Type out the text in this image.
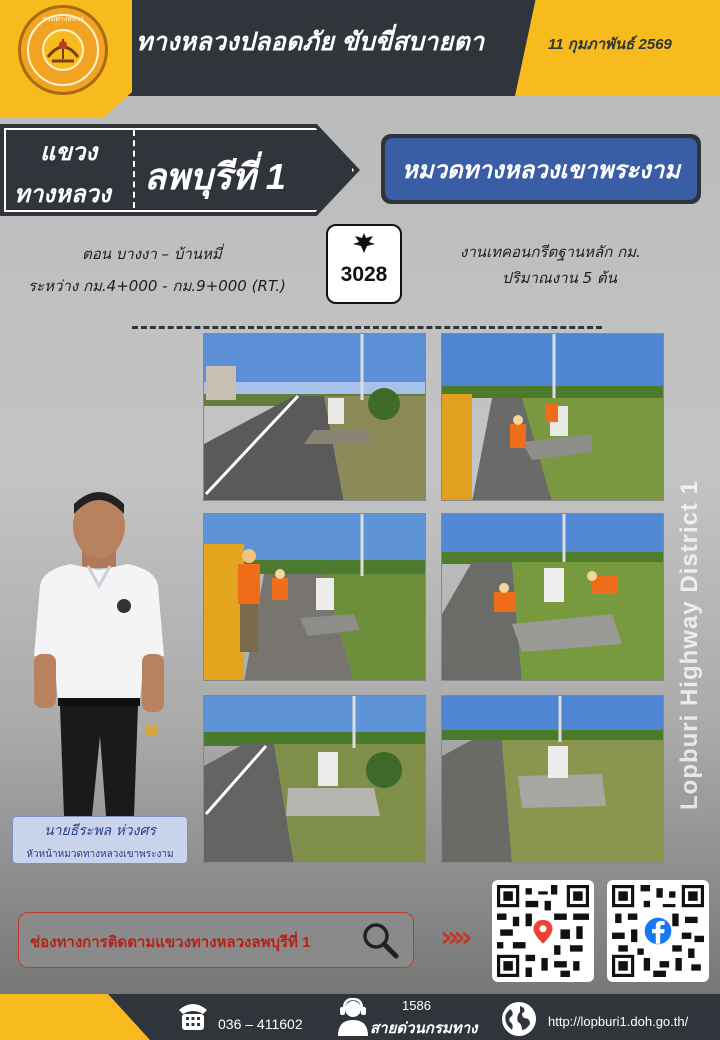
กรมทางหลวง
ทางหลวงปลอดภัย ขับขี่สบายตา	11 กุมภาพันธ์ 2569
แขวง
ทางหลวง ลพบุรีที่ 1	หมวดทางหลวงเขาพระงาม
ตอน บางงา – บ้านหมี่
ระหว่าง กม.4+000 - กม.9+000 (RT.)	3028
งานเทคอนกรีตฐานหลัก กม.
ปริมาณงาน 5 ต้น
นายธีระพล ห่วงศร
หัวหน้าหมวดทางหลวงเขาพระงาม
Lopburi Highway District 1
ช่องทางการติดตามแขวงทางหลวงลพบุรีที่ 1	»»
036 – 411602
1586
สายด่วนกรมทาง	http://lopburi1.doh.go.th/
